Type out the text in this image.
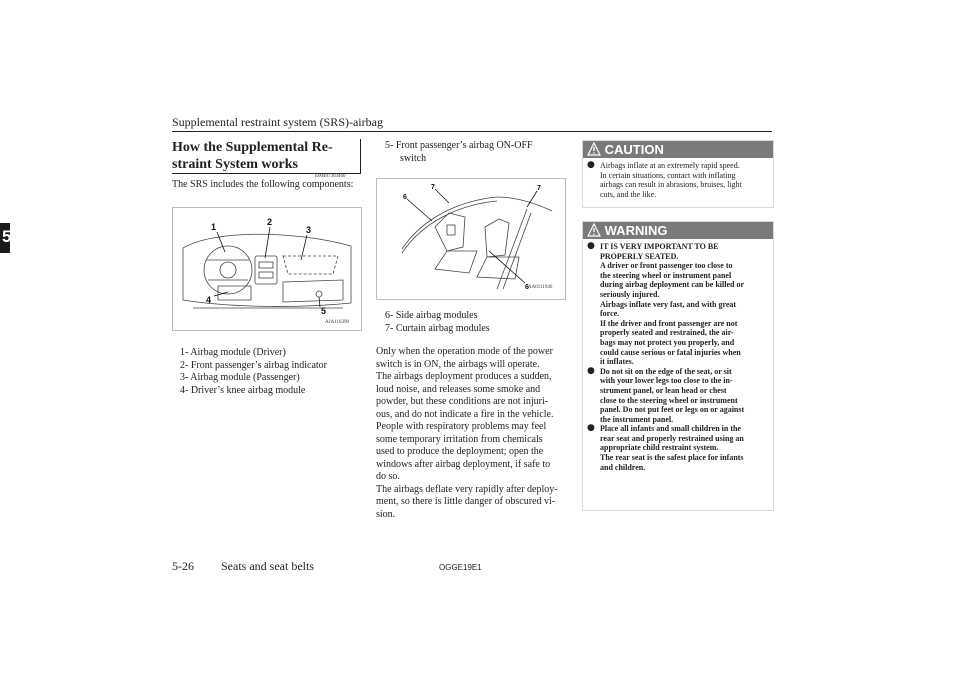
Supplemental restraint system (SRS)-airbag
5
How the Supplemental Re-
straint System works
E00407303460
The SRS includes the following components:
1	2
3
4
5
AJA116390
1- Airbag module (Driver)
2- Front passenger’s airbag indicator
3- Airbag module (Passenger)
4- Driver’s knee airbag module
5- Front passenger’s airbag ON-OFF
switch
6
7	7
6 AA0111946
6- Side airbag modules
7- Curtain airbag modules

Only when the operation mode of the power

switch is in ON, the airbags will operate.

The airbags deployment produces a sudden,

loud noise, and releases some smoke and

powder, but these conditions are not injuri-

ous, and do not indicate a fire in the vehicle.

People with respiratory problems may feel

some temporary irritation from chemicals

used to produce the deployment; open the

windows after airbag deployment, if safe to

do so.

The airbags deflate very rapidly after deploy-

ment, so there is little danger of obscured vi-

sion.

CAUTION
● Airbags inflate at an extremely rapid speed.
In certain situations, contact with inflating
airbags can result in abrasions, bruises, light
cuts, and the like.
WARNING
● IT IS VERY IMPORTANT TO BE
PROPERLY SEATED.
A driver or front passenger too close to
the steering wheel or instrument panel
during airbag deployment can be killed or
seriously injured.
Airbags inflate very fast, and with great
force.
If the driver and front passenger are not
properly seated and restrained, the air-
bags may not protect you properly, and
could cause serious or fatal injuries when
it inflates.
● Do not sit on the edge of the seat, or sit
with your lower legs too close to the in-
strument panel, or lean head or chest
close to the steering wheel or instrument
panel. Do not put feet or legs on or against
the instrument panel.
● Place all infants and small children in the
rear seat and properly restrained using an
appropriate child restraint system.
The rear seat is the safest place for infants
and children.
5-26 Seats and seat belts	OGGE19E1
